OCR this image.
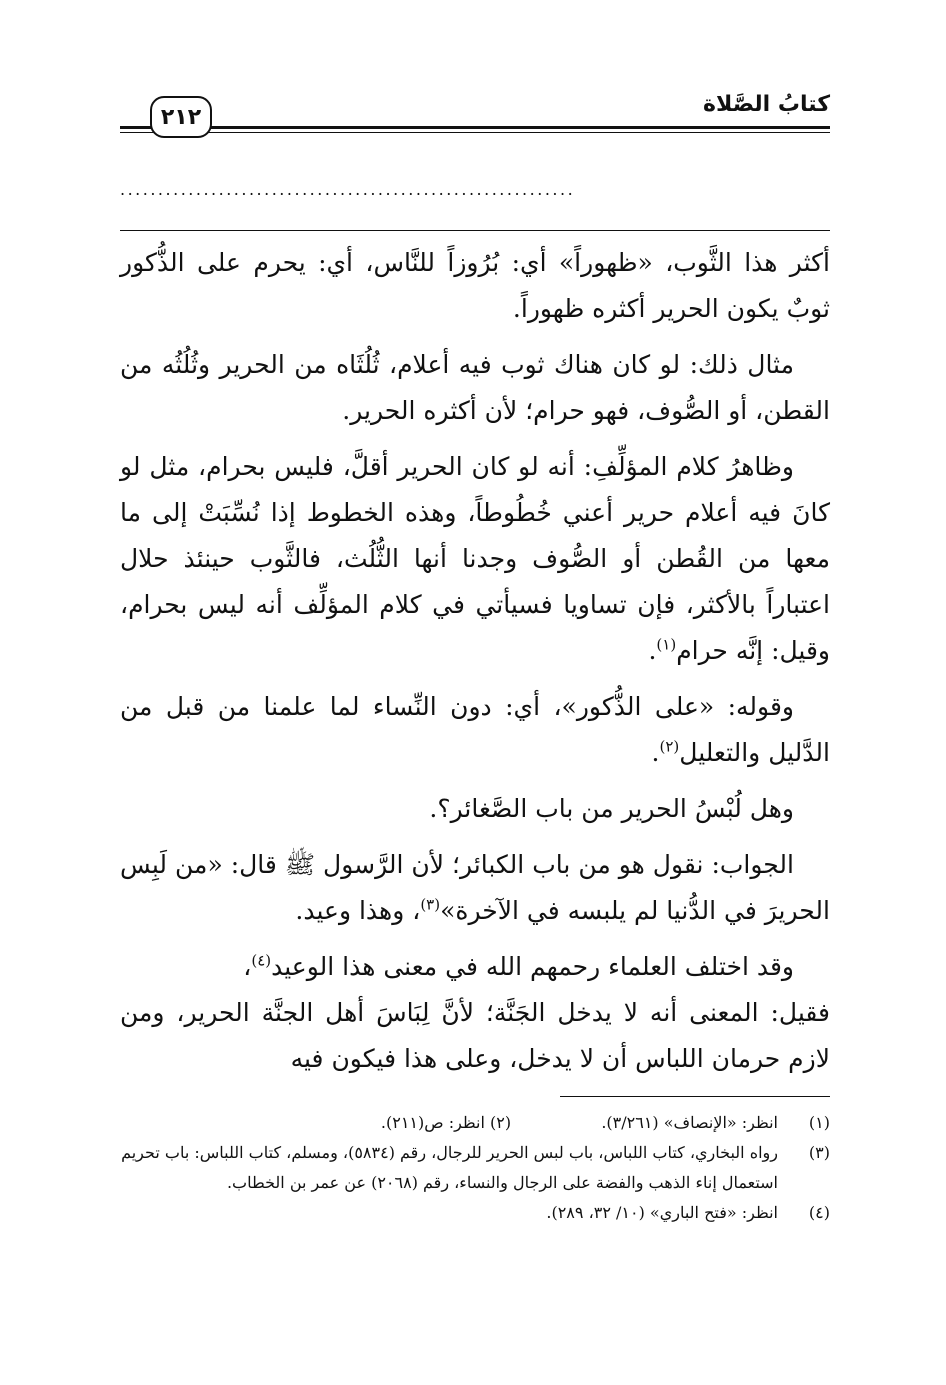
كتابُ الصَّلاة
٢١٢
............................................................

أكثر هذا الثَّوب، «ظهوراً» أي: بُرُوزاً للنَّاس، أي: يحرم على الذُّكور ثوبٌ يكون الحرير أكثره ظهوراً.

مثال ذلك: لو كان هناك ثوب فيه أعلام، ثُلُثَاه من الحرير وثُلُثُه من القطن، أو الصُّوف، فهو حرام؛ لأن أكثره الحرير.

وظاهرُ كلام المؤلِّفِ: أنه لو كان الحرير أقلَّ، فليس بحرام، مثل لو كانَ فيه أعلام حرير أعني خُطُوطاً، وهذه الخطوط إذا نُسِّبَتْ إلى ما معها من القُطن أو الصُّوف وجدنا أنها الثُّلُث، فالثَّوب حينئذ حلال اعتباراً بالأكثر، فإن تساويا فسيأتي في كلام المؤلِّف أنه ليس بحرام، وقيل: إنَّه حرام$^{(١)}$.

وقوله: «على الذُّكور»، أي: دون النِّساء لما علمنا من قبل من الدَّليل والتعليل$^{(٢)}$.

وهل لُبْسُ الحرير من باب الصَّغائر؟.

الجواب: نقول هو من باب الكبائر؛ لأن الرَّسول ﷺ قال: «من لَبِس الحريرَ في الدُّنيا لم يلبسه في الآخرة»$^{(٣)}$، وهذا وعيد.

وقد اختلف العلماء رحمهم الله في معنى هذا الوعيد$^{(٤)}$،

فقيل: المعنى أنه لا يدخل الجَنَّة؛ لأنَّ لِبَاسَ أهل الجنَّة الحرير، ومن لازم حرمان اللباس أن لا يدخل، وعلى هذا فيكون فيه

(١)
انظر: «الإنصاف» (٣/٢٦١).  (٢) انظر: ص(٢١١).
(٣)
رواه البخاري، كتاب اللباس، باب لبس الحرير للرجال، رقم (٥٨٣٤)، ومسلم، كتاب اللباس: باب تحريم استعمال إناء الذهب والفضة على الرجال والنساء، رقم (٢٠٦٨) عن عمر بن الخطاب.
(٤)
انظر: «فتح الباري» (١٠/ ٣٢، ٢٨٩).
